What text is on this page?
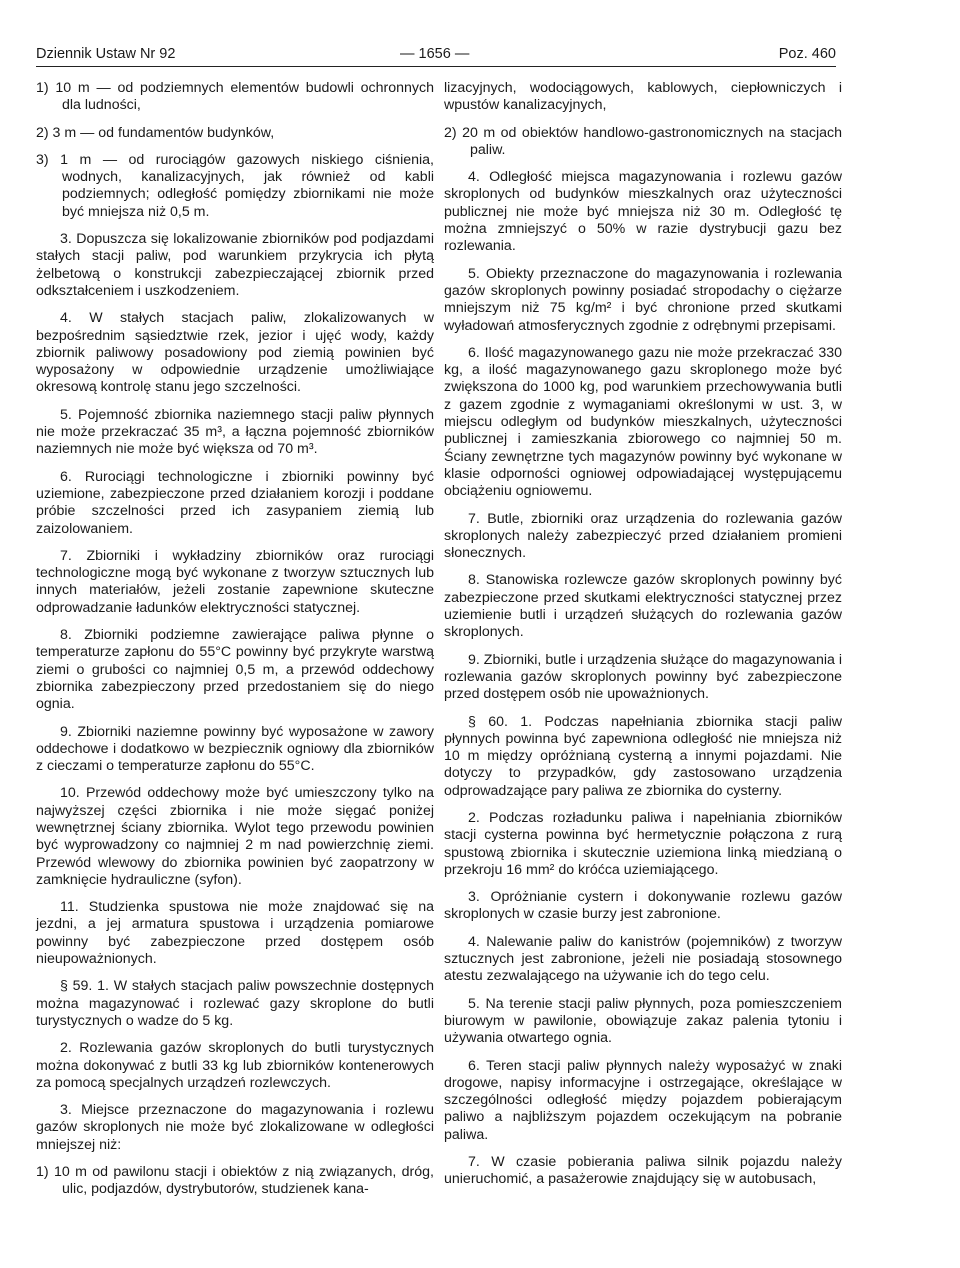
Dziennik Ustaw Nr 92	— 1656 —	Poz. 460

1) 10 m — od podziemnych elementów budowli ochronnych dla ludności,

2) 3 m — od fundamentów budynków,

3) 1 m — od rurociągów gazowych niskiego ciśnienia, wodnych, kanalizacyjnych, jak również od kabli podziemnych; odległość pomiędzy zbiornikami nie może być mniejsza niż 0,5 m.

3. Dopuszcza się lokalizowanie zbiorników pod podjazdami stałych stacji paliw, pod warunkiem przykrycia ich płytą żelbetową o konstrukcji zabezpieczającej zbiornik przed odkształceniem i uszkodzeniem.

4. W stałych stacjach paliw, zlokalizowanych w bezpośrednim sąsiedztwie rzek, jezior i ujęć wody, każdy zbiornik paliwowy posadowiony pod ziemią powinien być wyposażony w odpowiednie urządzenie umożliwiające okresową kontrolę stanu jego szczelności.

5. Pojemność zbiornika naziemnego stacji paliw płynnych nie może przekraczać 35 m³, a łączna pojemność zbiorników naziemnych nie może być większa od 70 m³.

6. Rurociągi technologiczne i zbiorniki powinny być uziemione, zabezpieczone przed działaniem korozji i poddane próbie szczelności przed ich zasypaniem ziemią lub zaizolowaniem.

7. Zbiorniki i wykładziny zbiorników oraz rurociągi technologiczne mogą być wykonane z tworzyw sztucznych lub innych materiałów, jeżeli zostanie zapewnione skuteczne odprowadzanie ładunków elektryczności statycznej.

8. Zbiorniki podziemne zawierające paliwa płynne o temperaturze zapłonu do 55°C powinny być przykryte warstwą ziemi o grubości co najmniej 0,5 m, a przewód oddechowy zbiornika zabezpieczony przed przedostaniem się do niego ognia.

9. Zbiorniki naziemne powinny być wyposażone w zawory oddechowe i dodatkowo w bezpiecznik ogniowy dla zbiorników z cieczami o temperaturze zapłonu do 55°C.

10. Przewód oddechowy może być umieszczony tylko na najwyższej części zbiornika i nie może sięgać poniżej wewnętrznej ściany zbiornika. Wylot tego przewodu powinien być wyprowadzony co najmniej 2 m nad powierzchnię ziemi. Przewód wlewowy do zbiornika powinien być zaopatrzony w zamknięcie hydrauliczne (syfon).

11. Studzienka spustowa nie może znajdować się na jezdni, a jej armatura spustowa i urządzenia pomiarowe powinny być zabezpieczone przed dostępem osób nieupoważnionych.

§ 59. 1. W stałych stacjach paliw powszechnie dostępnych można magazynować i rozlewać gazy skroplone do butli turystycznych o wadze do 5 kg.

2. Rozlewania gazów skroplonych do butli turystycznych można dokonywać z butli 33 kg lub zbiorników kontenerowych za pomocą specjalnych urządzeń rozlewczych.

3. Miejsce przeznaczone do magazynowania i rozlewu gazów skroplonych nie może być zlokalizowane w odległości mniejszej niż:

1) 10 m od pawilonu stacji i obiektów z nią związanych, dróg, ulic, podjazdów, dystrybutorów, studzienek kana-

lizacyjnych, wodociągowych, kablowych, ciepłowniczych i wpustów kanalizacyjnych,

2) 20 m od obiektów handlowo-gastronomicznych na stacjach paliw.

4. Odległość miejsca magazynowania i rozlewu gazów skroplonych od budynków mieszkalnych oraz użyteczności publicznej nie może być mniejsza niż 30 m. Odległość tę można zmniejszyć o 50% w razie dystrybucji gazu bez rozlewania.

5. Obiekty przeznaczone do magazynowania i rozlewania gazów skroplonych powinny posiadać stropodachy o ciężarze mniejszym niż 75 kg/m² i być chronione przed skutkami wyładowań atmosferycznych zgodnie z odrębnymi przepisami.

6. Ilość magazynowanego gazu nie może przekraczać 330 kg, a ilość magazynowanego gazu skroplonego może być zwiększona do 1000 kg, pod warunkiem przechowywania butli z gazem zgodnie z wymaganiami określonymi w ust. 3, w miejscu odległym od budynków mieszkalnych, użyteczności publicznej i zamieszkania zbiorowego co najmniej 50 m. Ściany zewnętrzne tych magazynów powinny być wykonane w klasie odporności ogniowej odpowiadającej występującemu obciążeniu ogniowemu.

7. Butle, zbiorniki oraz urządzenia do rozlewania gazów skroplonych należy zabezpieczyć przed działaniem promieni słonecznych.

8. Stanowiska rozlewcze gazów skroplonych powinny być zabezpieczone przed skutkami elektryczności statycznej przez uziemienie butli i urządzeń służących do rozlewania gazów skroplonych.

9. Zbiorniki, butle i urządzenia służące do magazynowania i rozlewania gazów skroplonych powinny być zabezpieczone przed dostępem osób nie upoważnionych.

§ 60. 1. Podczas napełniania zbiornika stacji paliw płynnych powinna być zapewniona odległość nie mniejsza niż 10 m między opróżnianą cysterną a innymi pojazdami. Nie dotyczy to przypadków, gdy zastosowano urządzenia odprowadzające pary paliwa ze zbiornika do cysterny.

2. Podczas rozładunku paliwa i napełniania zbiorników stacji cysterna powinna być hermetycznie połączona z rurą spustową zbiornika i skutecznie uziemiona linką miedzianą o przekroju 16 mm² do króćca uziemiającego.

3. Opróżnianie cystern i dokonywanie rozlewu gazów skroplonych w czasie burzy jest zabronione.

4. Nalewanie paliw do kanistrów (pojemników) z tworzyw sztucznych jest zabronione, jeżeli nie posiadają stosownego atestu zezwalającego na używanie ich do tego celu.

5. Na terenie stacji paliw płynnych, poza pomieszczeniem biurowym w pawilonie, obowiązuje zakaz palenia tytoniu i używania otwartego ognia.

6. Teren stacji paliw płynnych należy wyposażyć w znaki drogowe, napisy informacyjne i ostrzegające, określające w szczególności odległość między pojazdem pobierającym paliwo a najbliższym pojazdem oczekującym na pobranie paliwa.

7. W czasie pobierania paliwa silnik pojazdu należy unieruchomić, a pasażerowie znajdujący się w autobusach,
